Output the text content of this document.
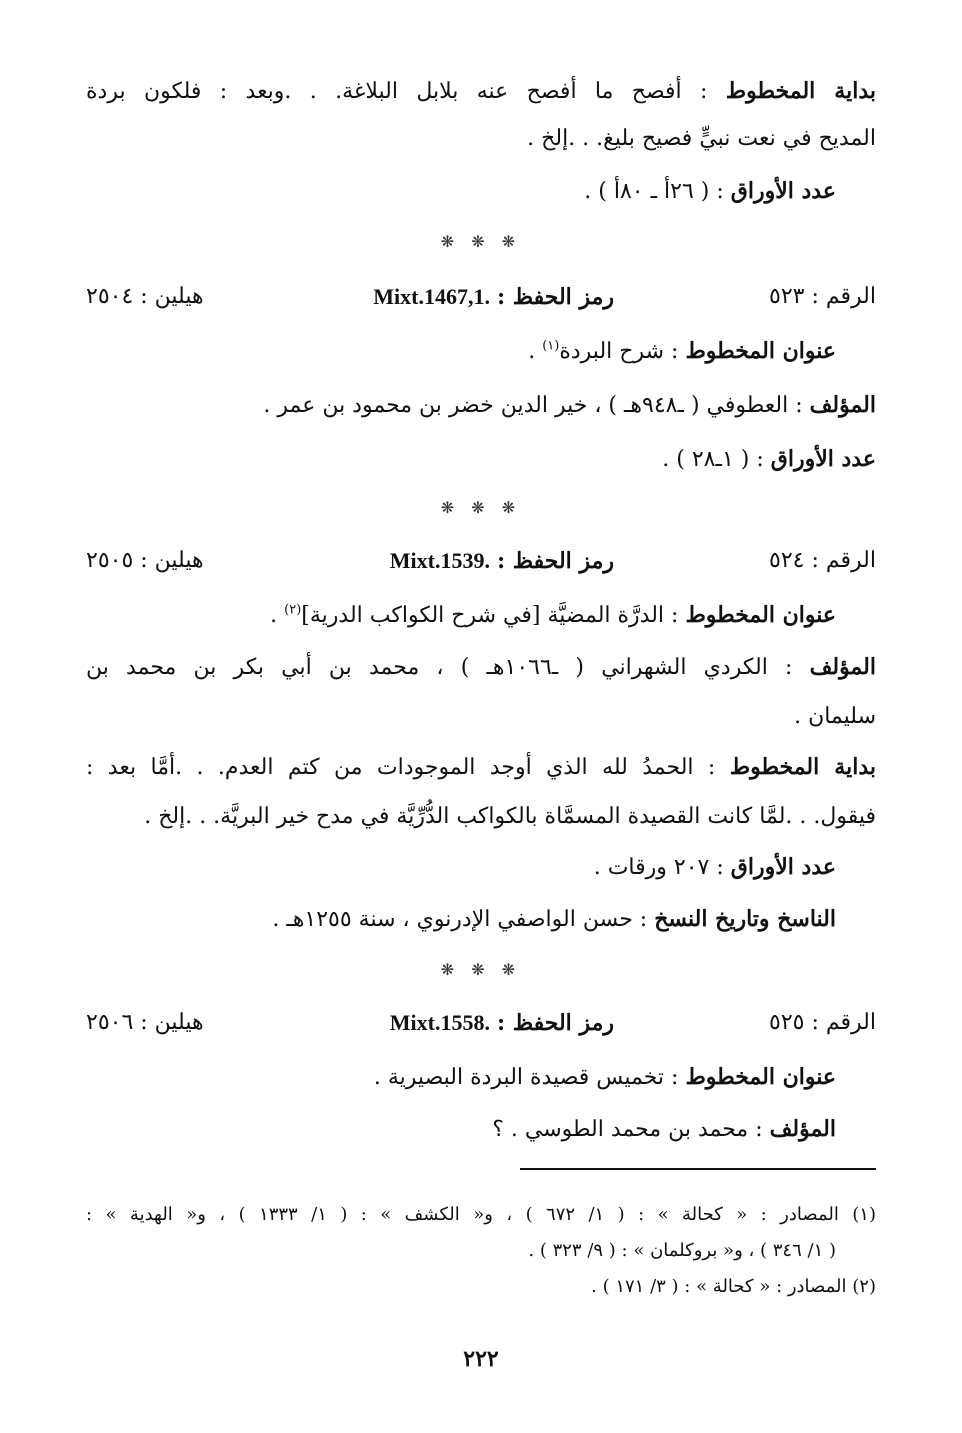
بداية المخطوط : أفصح ما أفصح عنه بلابل البلاغة. . .وبعد : فلكون بردة
المديح في نعت نبيٍّ فصيح بليغ. . .إلخ .
عدد الأوراق : ( ٢٦أ ـ ٨٠أ ) .
❋ ❋ ❋
الرقم : ٥٢٣
رمز الحفظ : Mixt.1467,1.
هيلين : ٢٥٠٤
عنوان المخطوط : شرح البردة$^{(١)}$ .
المؤلف : العطوفي ( ـ٩٤٨هـ ) ، خير الدين خضر بن محمود بن عمر .
عدد الأوراق : ( ١ـ٢٨ ) .
❋ ❋ ❋
الرقم : ٥٢٤
رمز الحفظ : Mixt.1539.
هيلين : ٢٥٠٥
عنوان المخطوط : الدرَّة المضيَّة [في شرح الكواكب الدرية]$^{(٢)}$ .
المؤلف : الكردي الشهراني ( ـ١٠٦٦هـ ) ، محمد بن أبي بكر بن محمد بن
سليمان .
بداية المخطوط : الحمدُ لله الذي أوجد الموجودات من كتم العدم. . .أمَّا بعد :
فيقول. . .لمَّا كانت القصيدة المسمَّاة بالكواكب الدُّرِّيَّة في مدح خير البريَّة. . .إلخ .
عدد الأوراق : ٢٠٧ ورقات .
الناسخ وتاريخ النسخ : حسن الواصفي الإدرنوي ، سنة ١٢٥٥هـ .
❋ ❋ ❋
الرقم : ٥٢٥
رمز الحفظ : Mixt.1558.
هيلين : ٢٥٠٦
عنوان المخطوط : تخميس قصيدة البردة البصيرية .
المؤلف : محمد بن محمد الطوسي . ؟
(١) المصادر : « كحالة » : ( ١/ ٦٧٢ ) ، و« الكشف » : ( ١/ ١٣٣٣ ) ، و« الهدية » :
( ١/ ٣٤٦ ) ، و« بروكلمان » : ( ٩/ ٣٢٣ ) .
(٢) المصادر : « كحالة » : ( ٣/ ١٧١ ) .
٢٢٢
